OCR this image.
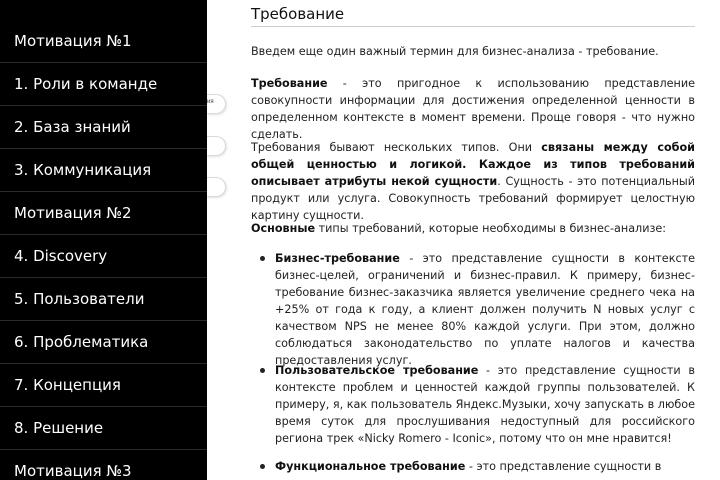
Мотивация №1
1. Роли в команде
2. База знаний
3. Коммуникация
Мотивация №2
4. Discovery
5. Пользователи
6. Проблематика
7. Концепция
8. Решение
Мотивация №3
ия
Требование

Введем еще один важный термин для бизнес-анализа - требование.

Требование - это пригодное к использованию представление совокупности информации для достижения определенной ценности в определенном контексте в момент времени. Проще говоря - что нужно сделать.

Требования бывают нескольких типов. Они связаны между собой общей ценностью и логикой. Каждое из типов требований описывает атрибуты некой сущности. Сущность - это потенциальный продукт или услуга. Совокупность требований формирует целостную картину сущности.

Основные типы требований, которые необходимы в бизнес-анализе:

Бизнес-требование - это представление сущности в контексте бизнес-целей, ограничений и бизнес-правил. К примеру, бизнес-требование бизнес-заказчика является увеличение среднего чека на +25% от года к году, а клиент должен получить N новых услуг с качеством NPS не менее 80% каждой услуги. При этом, должно соблюдаться законодательство по уплате налогов и качества предоставления услуг.
Пользовательское требование - это представление сущности в контексте проблем и ценностей каждой группы пользователей. К примеру, я, как пользователь Яндекс.Музыки, хочу запускать в любое время суток для прослушивания недоступный для российского региона трек «Nicky Romero - Iconic», потому что он мне нравится!
Функциональное требование - это представление сущности в
